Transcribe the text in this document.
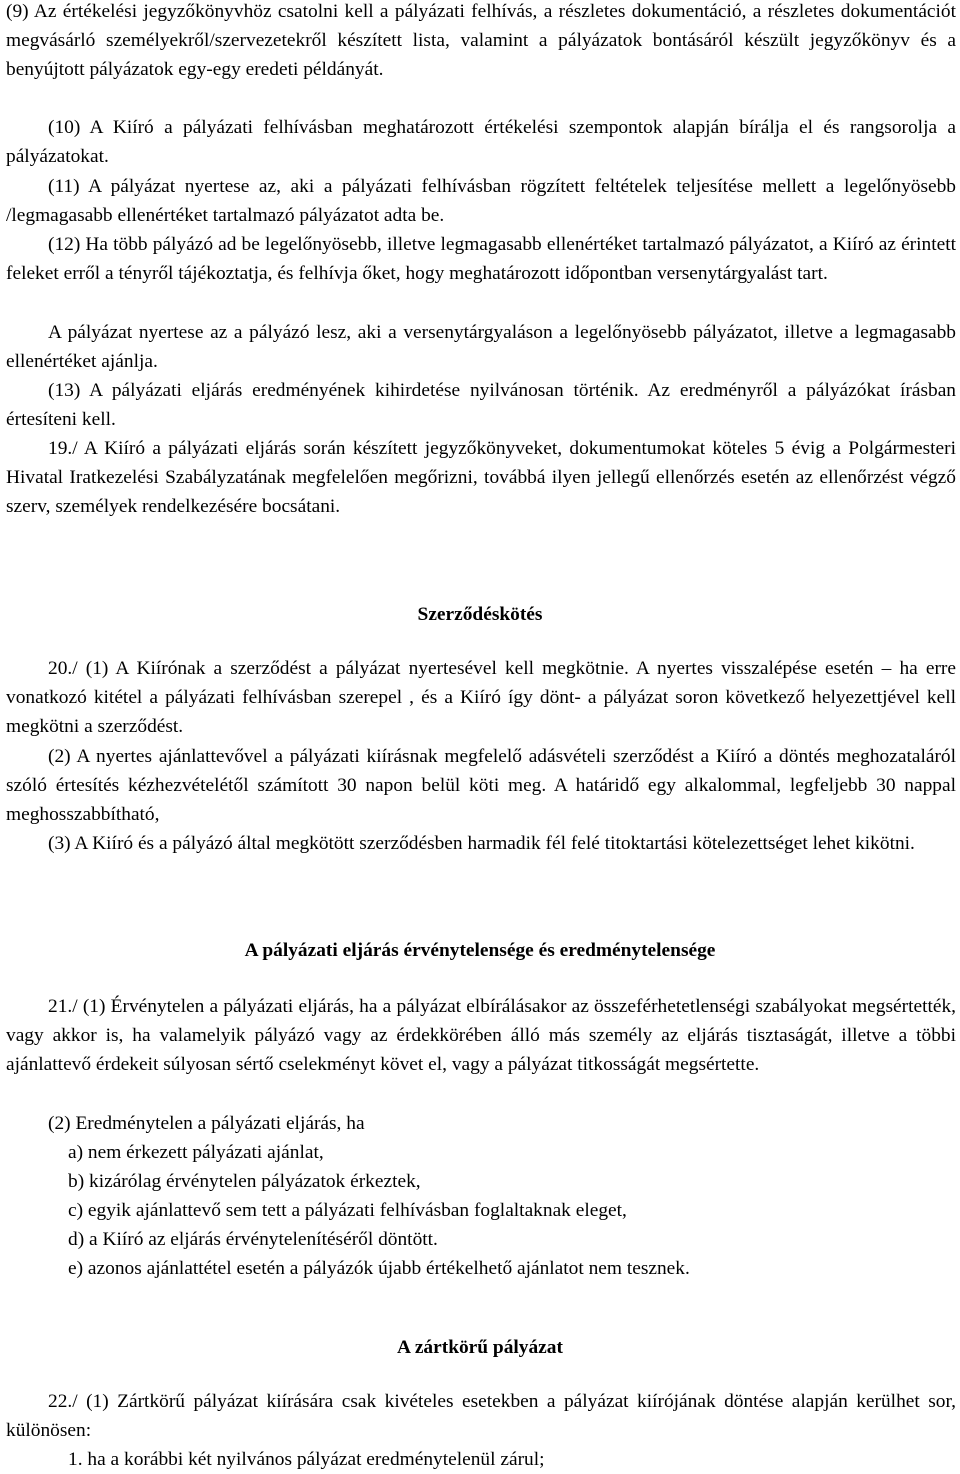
(9) Az értékelési jegyzőkönyvhöz csatolni kell a pályázati felhívás, a részletes dokumentáció, a részletes dokumentációt megvásárló személyekről/szervezetekről készített lista, valamint a pályázatok bontásáról készült jegyzőkönyv és a benyújtott pályázatok egy-egy eredeti példányát.

(10) A Kiíró a pályázati felhívásban meghatározott értékelési szempontok alapján bírálja el és rangsorolja a pályázatokat.

(11) A pályázat nyertese az, aki a pályázati felhívásban rögzített feltételek teljesítése mellett a legelőnyösebb /legmagasabb ellenértéket tartalmazó pályázatot adta be.

(12) Ha több pályázó ad be legelőnyösebb, illetve legmagasabb ellenértéket tartalmazó pályázatot, a Kiíró az érintett feleket erről a tényről tájékoztatja, és felhívja őket, hogy meghatározott időpontban versenytárgyalást tart.

A pályázat nyertese az a pályázó lesz, aki a versenytárgyaláson a legelőnyösebb pályázatot, illetve a legmagasabb ellenértéket ajánlja.

(13) A pályázati eljárás eredményének kihirdetése nyilvánosan történik. Az eredményről a pályázókat írásban értesíteni kell.

19./ A Kiíró a pályázati eljárás során készített jegyzőkönyveket, dokumentumokat köteles 5 évig a Polgármesteri Hivatal Iratkezelési Szabályzatának megfelelően megőrizni, továbbá ilyen jellegű ellenőrzés esetén az ellenőrzést végző szerv, személyek rendelkezésére bocsátani.

Szerződéskötés

20./ (1) A Kiírónak a szerződést a pályázat nyertesével kell megkötnie. A nyertes visszalépése esetén – ha erre vonatkozó kitétel a pályázati felhívásban szerepel , és a Kiíró így dönt- a pályázat soron következő helyezettjével kell megkötni a szerződést.

(2) A nyertes ajánlattevővel a pályázati kiírásnak megfelelő adásvételi szerződést a Kiíró a döntés meghozataláról szóló értesítés kézhezvételétől számított 30 napon belül köti meg. A határidő egy alkalommal, legfeljebb 30 nappal meghosszabbítható,

(3) A Kiíró és a pályázó által megkötött szerződésben harmadik fél felé titoktartási kötelezettséget lehet kikötni.

A pályázati eljárás érvénytelensége és eredménytelensége

21./ (1) Érvénytelen a pályázati eljárás, ha a pályázat elbírálásakor az összeférhetetlenségi szabályokat megsértették, vagy akkor is, ha valamelyik pályázó vagy az érdekkörében álló más személy az eljárás tisztaságát, illetve a többi ajánlattevő érdekeit súlyosan sértő cselekményt követ el, vagy a pályázat titkosságát megsértette.

(2) Eredménytelen a pályázati eljárás, ha

a) nem érkezett pályázati ajánlat,

b) kizárólag érvénytelen pályázatok érkeztek,

c) egyik ajánlattevő sem tett a pályázati felhívásban foglaltaknak eleget,

d) a Kiíró az eljárás érvénytelenítéséről döntött.

e) azonos ajánlattétel esetén a pályázók újabb értékelhető ajánlatot nem tesznek.

A zártkörű pályázat

22./ (1) Zártkörű pályázat kiírására csak kivételes esetekben a pályázat kiírójának döntése alapján kerülhet sor, különösen:

1. ha a korábbi két nyilvános pályázat eredménytelenül zárul;
